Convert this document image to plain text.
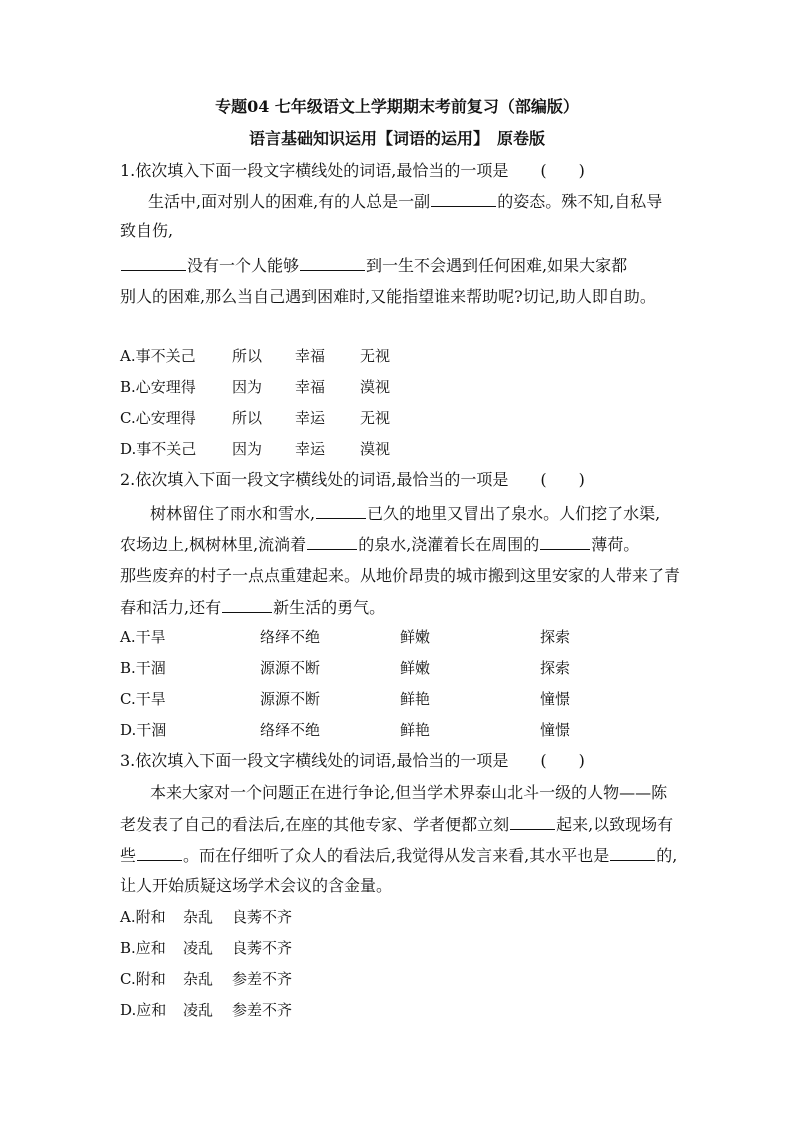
专题04 七年级语文上学期期末考前复习（部编版）
语言基础知识运用【词语的运用】　原卷版
1.依次填入下面一段文字横线处的词语,最恰当的一项是　　(　　)
生活中,面对别人的困难,有的人总是一副	的姿态。殊不知,自私导
致自伤,
没有一个人能够	到一生不会遇到任何困难,如果大家都
别人的困难,那么当自己遇到困难时,又能指望谁来帮助呢?切记,助人即自助。
A.事不关己 所以 幸福 无视
B.心安理得 因为 幸福 漠视
C.心安理得 所以 幸运 无视
D.事不关己 因为 幸运 漠视
2.依次填入下面一段文字横线处的词语,最恰当的一项是　　(　　)
树林留住了雨水和雪水,	已久的地里又冒出了泉水。人们挖了水渠,
农场边上,枫树林里,流淌着	的泉水,浇灌着长在周围的	薄荷。
那些废弃的村子一点点重建起来。从地价昂贵的城市搬到这里安家的人带来了青
春和活力,还有	新生活的勇气。
A.干旱	络绎不绝	鲜嫩	探索
B.干涸	源源不断	鲜嫩	探索
C.干旱	源源不断	鲜艳	憧憬
D.干涸	络绎不绝	鲜艳	憧憬
3.依次填入下面一段文字横线处的词语,最恰当的一项是　　(　　)
本来大家对一个问题正在进行争论,但当学术界泰山北斗一级的人物——陈
老发表了自己的看法后,在座的其他专家、学者便都立刻	起来,以致现场有
些	。而在仔细听了众人的看法后,我觉得从发言来看,其水平也是	的,
让人开始质疑这场学术会议的含金量。
A.附和 杂乱 良莠不齐
B.应和 凌乱 良莠不齐
C.附和 杂乱 参差不齐
D.应和 凌乱 参差不齐
